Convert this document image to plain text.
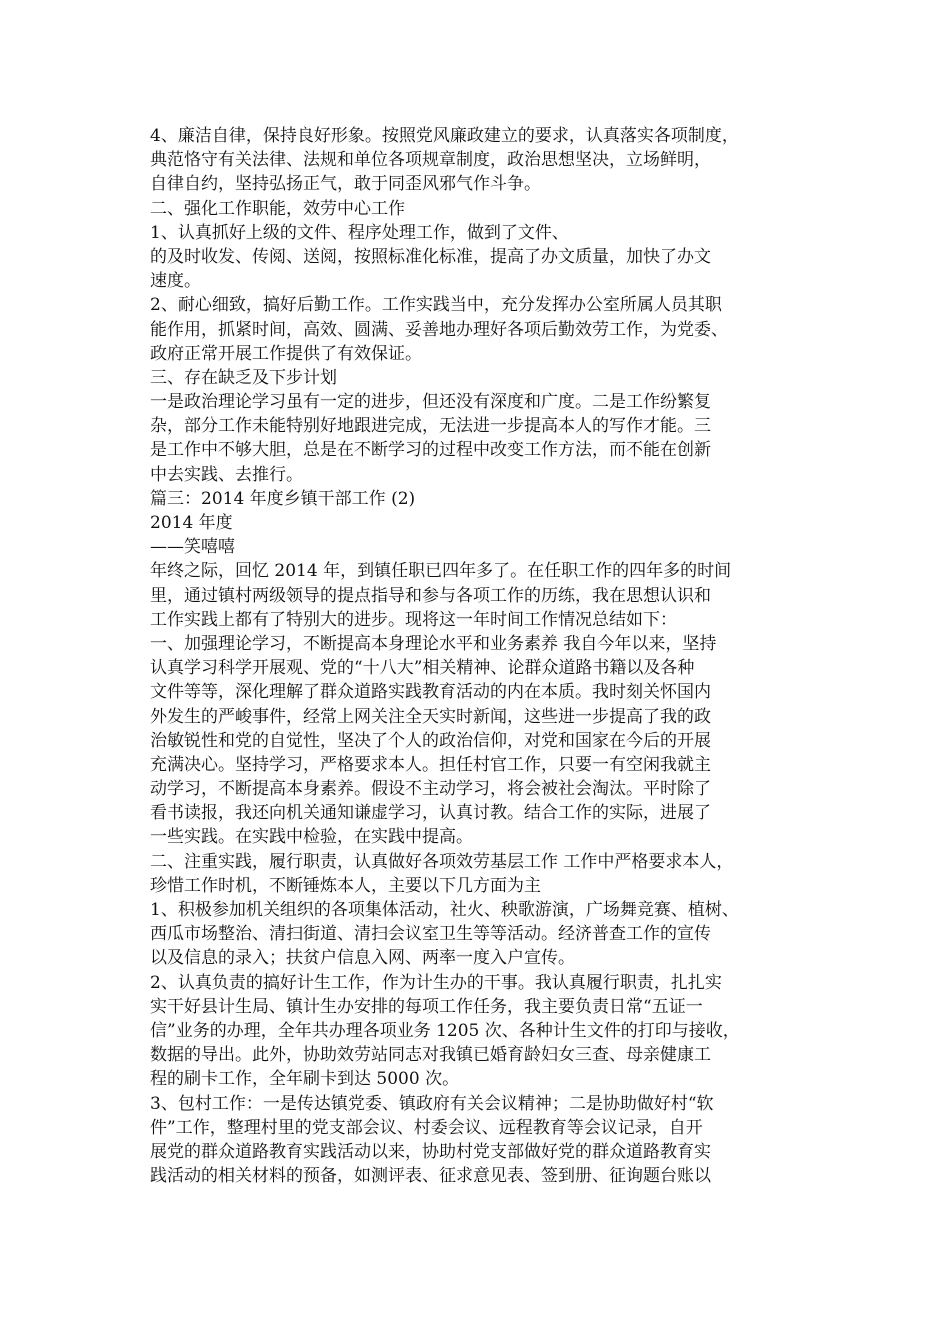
4、廉洁自律，保持良好形象。按照党风廉政建立的要求，认真落实各项制度，
典范恪守有关法律、法规和单位各项规章制度，政治思想坚决，立场鲜明，
自律自约，坚持弘扬正气，敢于同歪风邪气作斗争。
二、强化工作职能，效劳中心工作
1、认真抓好上级的文件、程序处理工作，做到了文件、
的及时收发、传阅、送阅，按照标准化标准，提高了办文质量，加快了办文
速度。
2、耐心细致，搞好后勤工作。工作实践当中，充分发挥办公室所属人员其职
能作用，抓紧时间，高效、圆满、妥善地办理好各项后勤效劳工作，为党委、
政府正常开展工作提供了有效保证。
三、存在缺乏及下步计划
一是政治理论学习虽有一定的进步，但还没有深度和广度。二是工作纷繁复
杂，部分工作未能特别好地跟进完成，无法进一步提高本人的写作才能。三
是工作中不够大胆，总是在不断学习的过程中改变工作方法，而不能在创新
中去实践、去推行。
篇三：2014 年度乡镇干部工作 (2)
2014 年度
——笑嘻嘻
年终之际，回忆 2014 年，到镇任职已四年多了。在任职工作的四年多的时间
里，通过镇村两级领导的提点指导和参与各项工作的历练，我在思想认识和
工作实践上都有了特别大的进步。现将这一年时间工作情况总结如下：
一、加强理论学习，不断提高本身理论水平和业务素养 我自今年以来，坚持
认真学习科学开展观、党的“十八大”相关精神、论群众道路书籍以及各种
文件等等，深化理解了群众道路实践教育活动的内在本质。我时刻关怀国内
外发生的严峻事件，经常上网关注全天实时新闻，这些进一步提高了我的政
治敏锐性和党的自觉性，坚决了个人的政治信仰，对党和国家在今后的开展
充满决心。坚持学习，严格要求本人。担任村官工作，只要一有空闲我就主
动学习，不断提高本身素养。假设不主动学习，将会被社会淘汰。平时除了
看书读报，我还向机关通知谦虚学习，认真讨教。结合工作的实际，进展了
一些实践。在实践中检验，在实践中提高。
二、注重实践，履行职责，认真做好各项效劳基层工作 工作中严格要求本人，
珍惜工作时机，不断锤炼本人，主要以下几方面为主
1、积极参加机关组织的各项集体活动，社火、秧歌游演，广场舞竞赛、植树、
西瓜市场整治、清扫街道、清扫会议室卫生等等活动。经济普查工作的宣传
以及信息的录入；扶贫户信息入网、两率一度入户宣传。
2、认真负责的搞好计生工作，作为计生办的干事。我认真履行职责，扎扎实
实干好县计生局、镇计生办安排的每项工作任务，我主要负责日常“五证一
信”业务的办理，全年共办理各项业务 1205 次、各种计生文件的打印与接收，
数据的导出。此外，协助效劳站同志对我镇已婚育龄妇女三查、母亲健康工
程的刷卡工作，全年刷卡到达 5000 次。
3、包村工作：一是传达镇党委、镇政府有关会议精神；二是协助做好村“软
件”工作，整理村里的党支部会议、村委会议、远程教育等会议记录，自开
展党的群众道路教育实践活动以来，协助村党支部做好党的群众道路教育实
践活动的相关材料的预备，如测评表、征求意见表、签到册、征询题台账以
